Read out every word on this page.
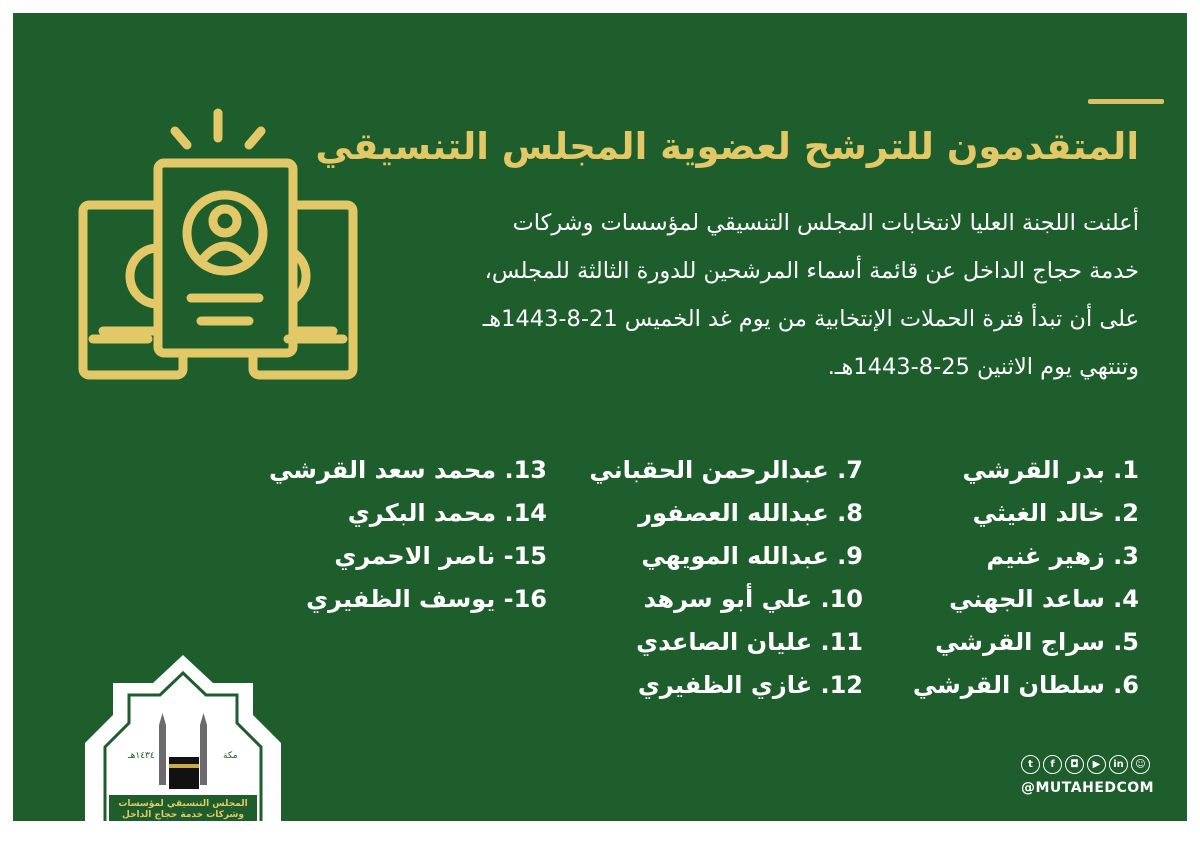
المتقدمون للترشح لعضوية المجلس التنسيقي
أعلنت اللجنة العليا لانتخابات المجلس التنسيقي لمؤسسات وشركات
خدمة حجاج الداخل عن قائمة أسماء المرشحين للدورة الثالثة للمجلس،
على أن تبدأ فترة الحملات الإنتخابية من يوم غد الخميس 21-8-1443هـ
وتنتهي يوم الاثنين 25-8-1443هـ.
1. بدر القرشي
2. خالد الغيثي
3. زهير غنيم
4. ساعد الجهني
5. سراج القرشي
6. سلطان القرشي
7. عبدالرحمن الحقباني
8. عبدالله العصفور
9. عبدالله المويهي
10. علي أبو سرهد
11. عليان الصاعدي
12. غازي الظفيري
13. محمد سعد القرشي
14. محمد البكري
15- ناصر الاحمري
16- يوسف الظفيري
t	f	◘	▶	in	☺
@MUTAHEDCOM
١٤٣٤هـ	مكة
المجلس التنسيقي لمؤسسات
وشركات خدمة حجاج الداخل
